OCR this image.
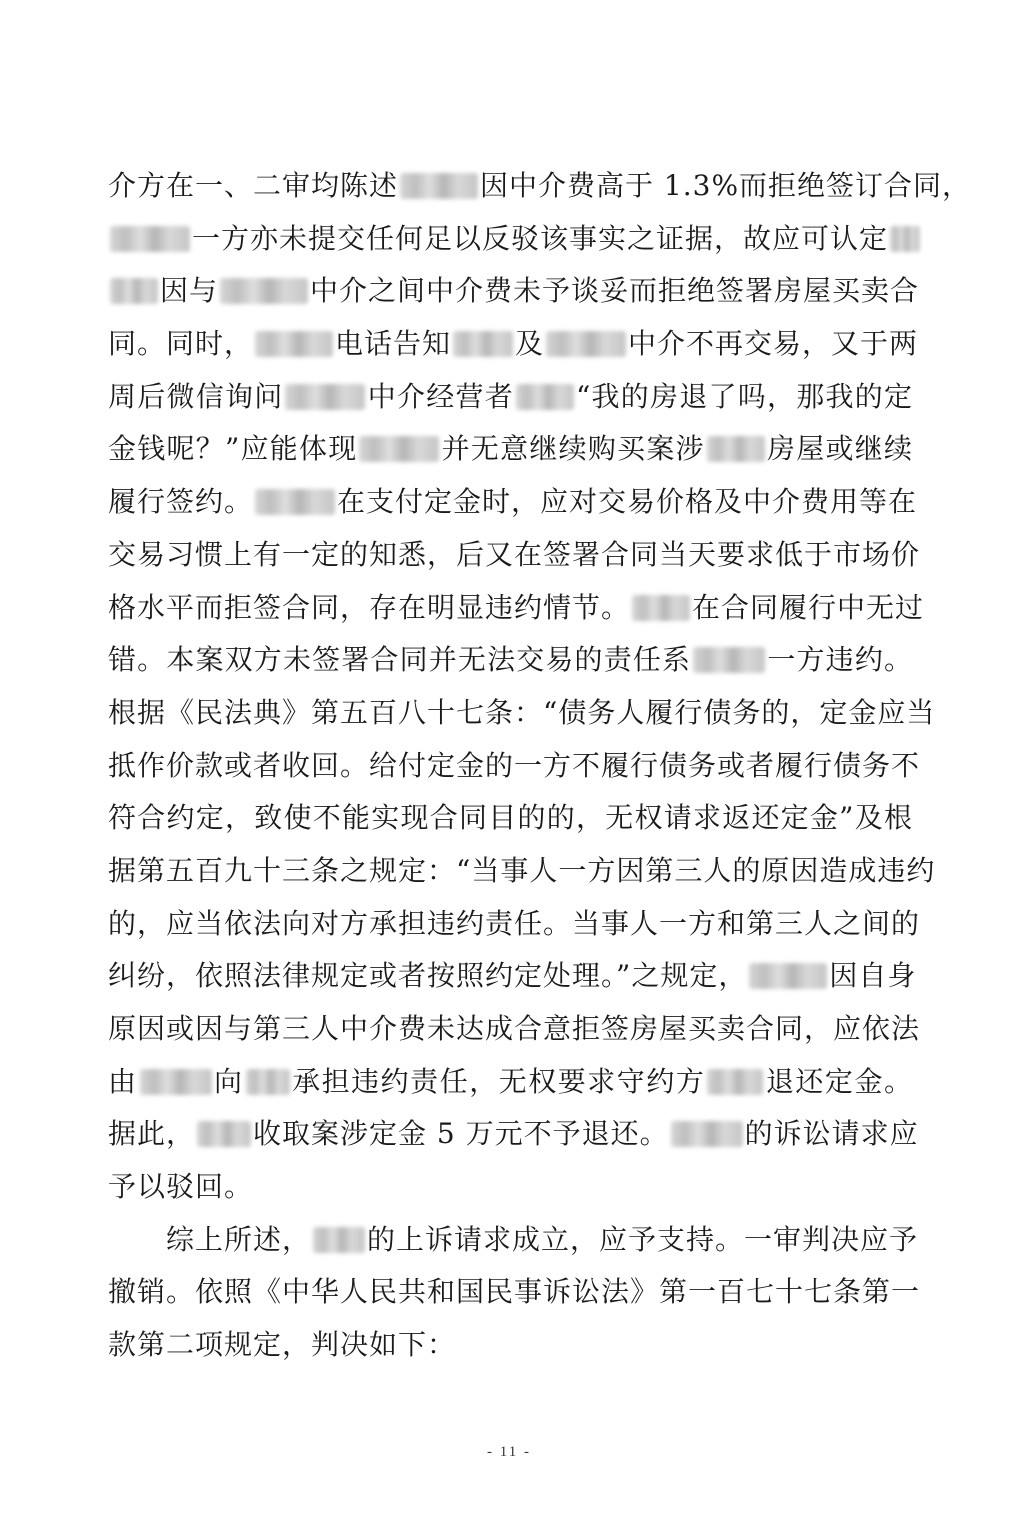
介方在一、二审均陈述	因中介费高于 1.3%而拒绝签订合同，
一方亦未提交任何足以反驳该事实之证据，故应可认定
因与	中介之间中介费未予谈妥而拒绝签署房屋买卖合
同。同时，	电话告知 及	中介不再交易，又于两
周后微信询问	中介经营者 “我的房退了吗，那我的定
金钱呢？”应能体现	并无意继续购买案涉 房屋或继续
履行签约。	在支付定金时，应对交易价格及中介费用等在
交易习惯上有一定的知悉，后又在签署合同当天要求低于市场价
格水平而拒签合同，存在明显违约情节。 在合同履行中无过
错。本案双方未签署合同并无法交易的责任系	一方违约。
根据《民法典》第五百八十七条：“债务人履行债务的，定金应当
抵作价款或者收回。给付定金的一方不履行债务或者履行债务不
符合约定，致使不能实现合同目的的，无权请求返还定金”及根
据第五百九十三条之规定：“当事人一方因第三人的原因造成违约
的，应当依法向对方承担违约责任。当事人一方和第三人之间的
纠纷，依照法律规定或者按照约定处理。”之规定，	因自身
原因或因与第三人中介费未达成合意拒签房屋买卖合同，应依法
由	向 承担违约责任，无权要求守约方 退还定金。
据此， 收取案涉定金 5 万元不予退还。	的诉讼请求应
予以驳回。
综上所述， 的上诉请求成立，应予支持。一审判决应予
撤销。依照《中华人民共和国民事诉讼法》第一百七十七条第一
款第二项规定，判决如下：
- 11 -
